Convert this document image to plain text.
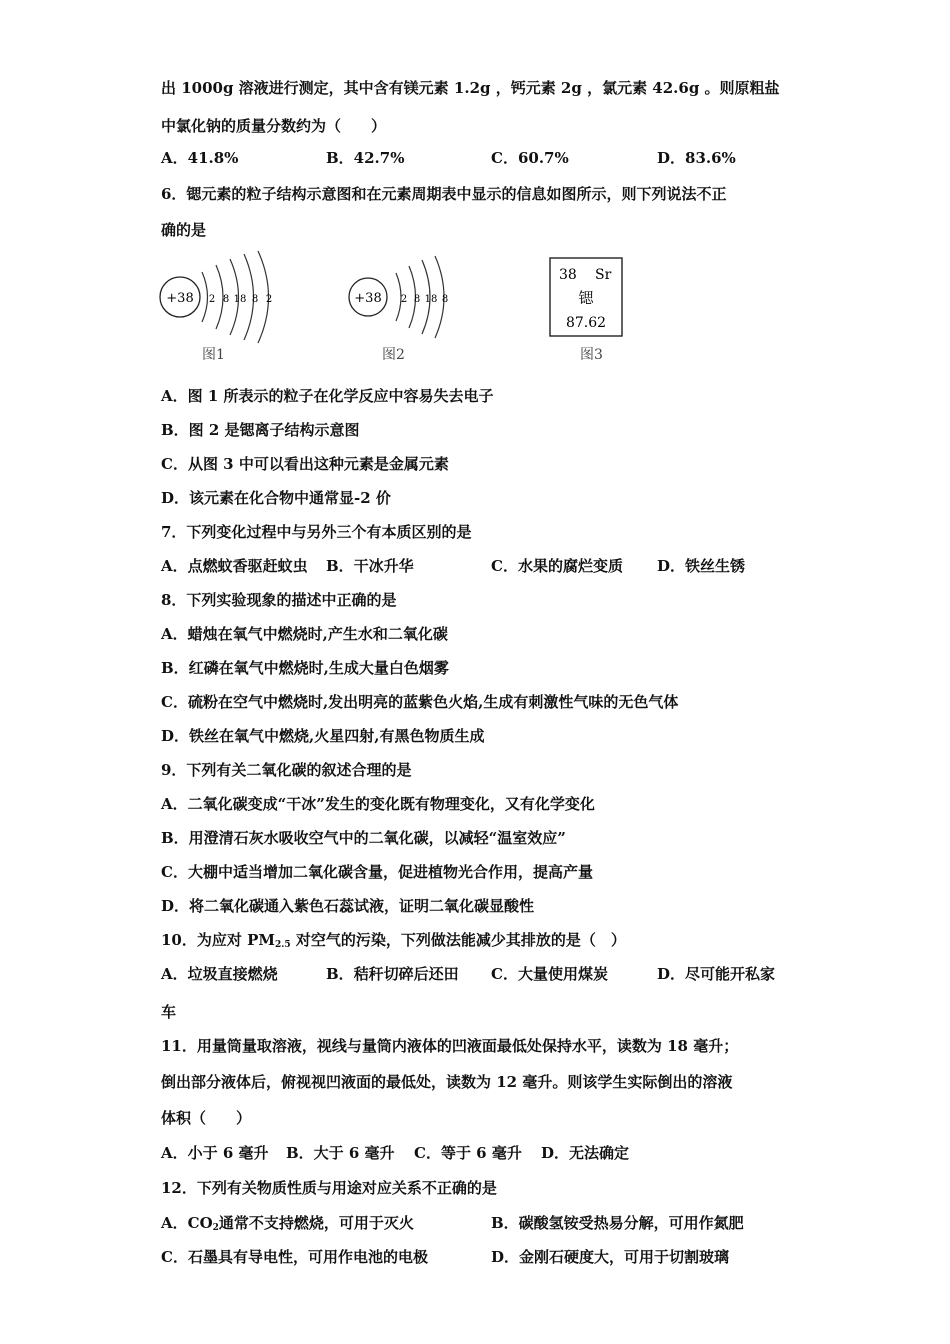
出 1000g 溶液进行测定，其中含有镁元素 1.2g ，钙元素 2g ，氯元素 42.6g 。则原粗盐
中氯化钠的质量分数约为（　　）
A．41.8%	B．42.7%	C．60.7%	D．83.6%
6．锶元素的粒子结构示意图和在元素周期表中显示的信息如图所示，则下列说法不正
确的是
+38 2 8 18 8 2
图1
+38 2 8 18 8
图2
38 Sr
锶
87.62
图3
A．图 1 所表示的粒子在化学反应中容易失去电子
B．图 2 是锶离子结构示意图
C．从图 3 中可以看出这种元素是金属元素
D．该元素在化合物中通常显-2 价
7．下列变化过程中与另外三个有本质区别的是
A．点燃蚊香驱赶蚊虫 B．干冰升华	C．水果的腐烂变质 D．铁丝生锈
8．下列实验现象的描述中正确的是
A．蜡烛在氧气中燃烧时,产生水和二氧化碳
B．红磷在氧气中燃烧时,生成大量白色烟雾
C．硫粉在空气中燃烧时,发出明亮的蓝紫色火焰,生成有刺激性气味的无色气体
D．铁丝在氧气中燃烧,火星四射,有黑色物质生成
9．下列有关二氧化碳的叙述合理的是
A．二氧化碳变成“干冰”发生的变化既有物理变化，又有化学变化
B．用澄清石灰水吸收空气中的二氧化碳，以减轻“温室效应”
C．大棚中适当增加二氧化碳含量，促进植物光合作用，提高产量
D．将二氧化碳通入紫色石蕊试液，证明二氧化碳显酸性
10．为应对 $PM_{2.5}$ 对空气的污染，下列做法能减少其排放的是（　）
A．垃圾直接燃烧	B．秸秆切碎后还田 C．大量使用煤炭	D．尽可能开私家
车
11．用量筒量取溶液，视线与量筒内液体的凹液面最低处保持水平，读数为 18 毫升；
倒出部分液体后，俯视视凹液面的最低处，读数为 12 毫升。则该学生实际倒出的溶液
体积（　　）
A．小于 6 毫升 B．大于 6 毫升 C．等于 6 毫升 D．无法确定
12．下列有关物质性质与用途对应关系不正确的是
A．$CO_2$通常不支持燃烧，可用于灭火	B．碳酸氢铵受热易分解，可用作氮肥
C．石墨具有导电性，可用作电池的电极	D．金刚石硬度大，可用于切割玻璃
